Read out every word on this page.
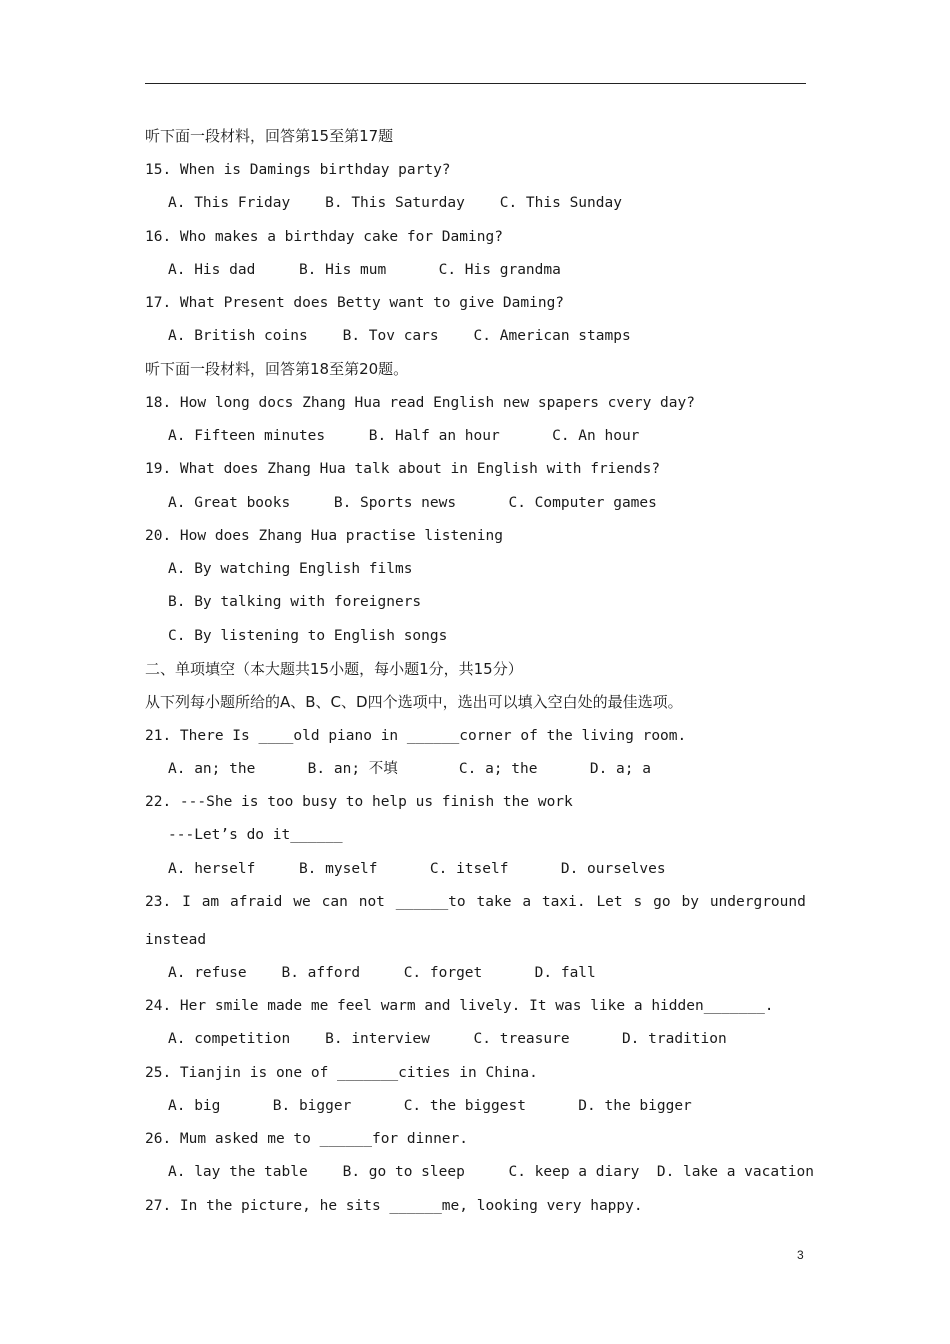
听下面一段材料，回答第15至第17题
15. When is Damings birthday party?
A. This Friday    B. This Saturday    C. This Sunday
16. Who makes a birthday cake for Daming?
A. His dad     B. His mum      C. His grandma
17. What Present does Betty want to give Daming?
A. British coins    B. Tov cars    C. American stamps
听下面一段材料，回答第18至第20题。
18. How long docs Zhang Hua read English new spapers cvery day?
A. Fifteen minutes     B. Half an hour      C. An hour
19. What does Zhang Hua talk about in English with friends?
A. Great books     B. Sports news      C. Computer games
20. How does Zhang Hua practise listening
A. By watching English films
B. By talking with foreigners
C. By listening to English songs
二、单项填空（本大题共15小题，每小题1分，共15分）
从下列每小题所给的A、B、C、D四个选项中，选出可以填入空白处的最佳选项。
21. There Is ____old piano in ______corner of the living room.
A. an; the      B. an; 不填       C. a; the      D. a; a
22. ---She is too busy to help us finish the work
---Let’s do it______
A. herself     B. myself      C. itself      D. ourselves
23. I am afraid we can not ______to take a taxi. Let s go by underground
instead
A. refuse    B. afford     C. forget      D. fall
24. Her smile made me feel warm and lively. It was like a hidden_______.
A. competition    B. interview     C. treasure      D. tradition
25. Tianjin is one of _______cities in China.
A. big      B. bigger      C. the biggest      D. the bigger
26. Mum asked me to ______for dinner.
A. lay the table    B. go to sleep     C. keep a diary  D. lake a vacation
27. In the picture, he sits ______me, looking very happy.
3
